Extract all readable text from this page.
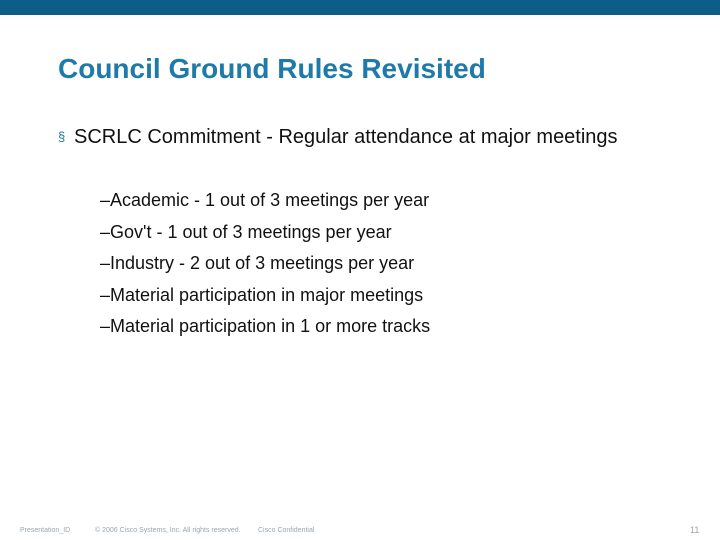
Council Ground Rules Revisited
§ SCRLC Commitment - Regular attendance at major meetings
–Academic - 1 out of 3 meetings per year
–Gov't - 1 out of 3 meetings per year
–Industry - 2 out of 3 meetings per year
–Material participation in major meetings
–Material participation in 1 or more tracks
Presentation_ID	© 2006 Cisco Systems, Inc. All rights reserved. Cisco Confidential	11
